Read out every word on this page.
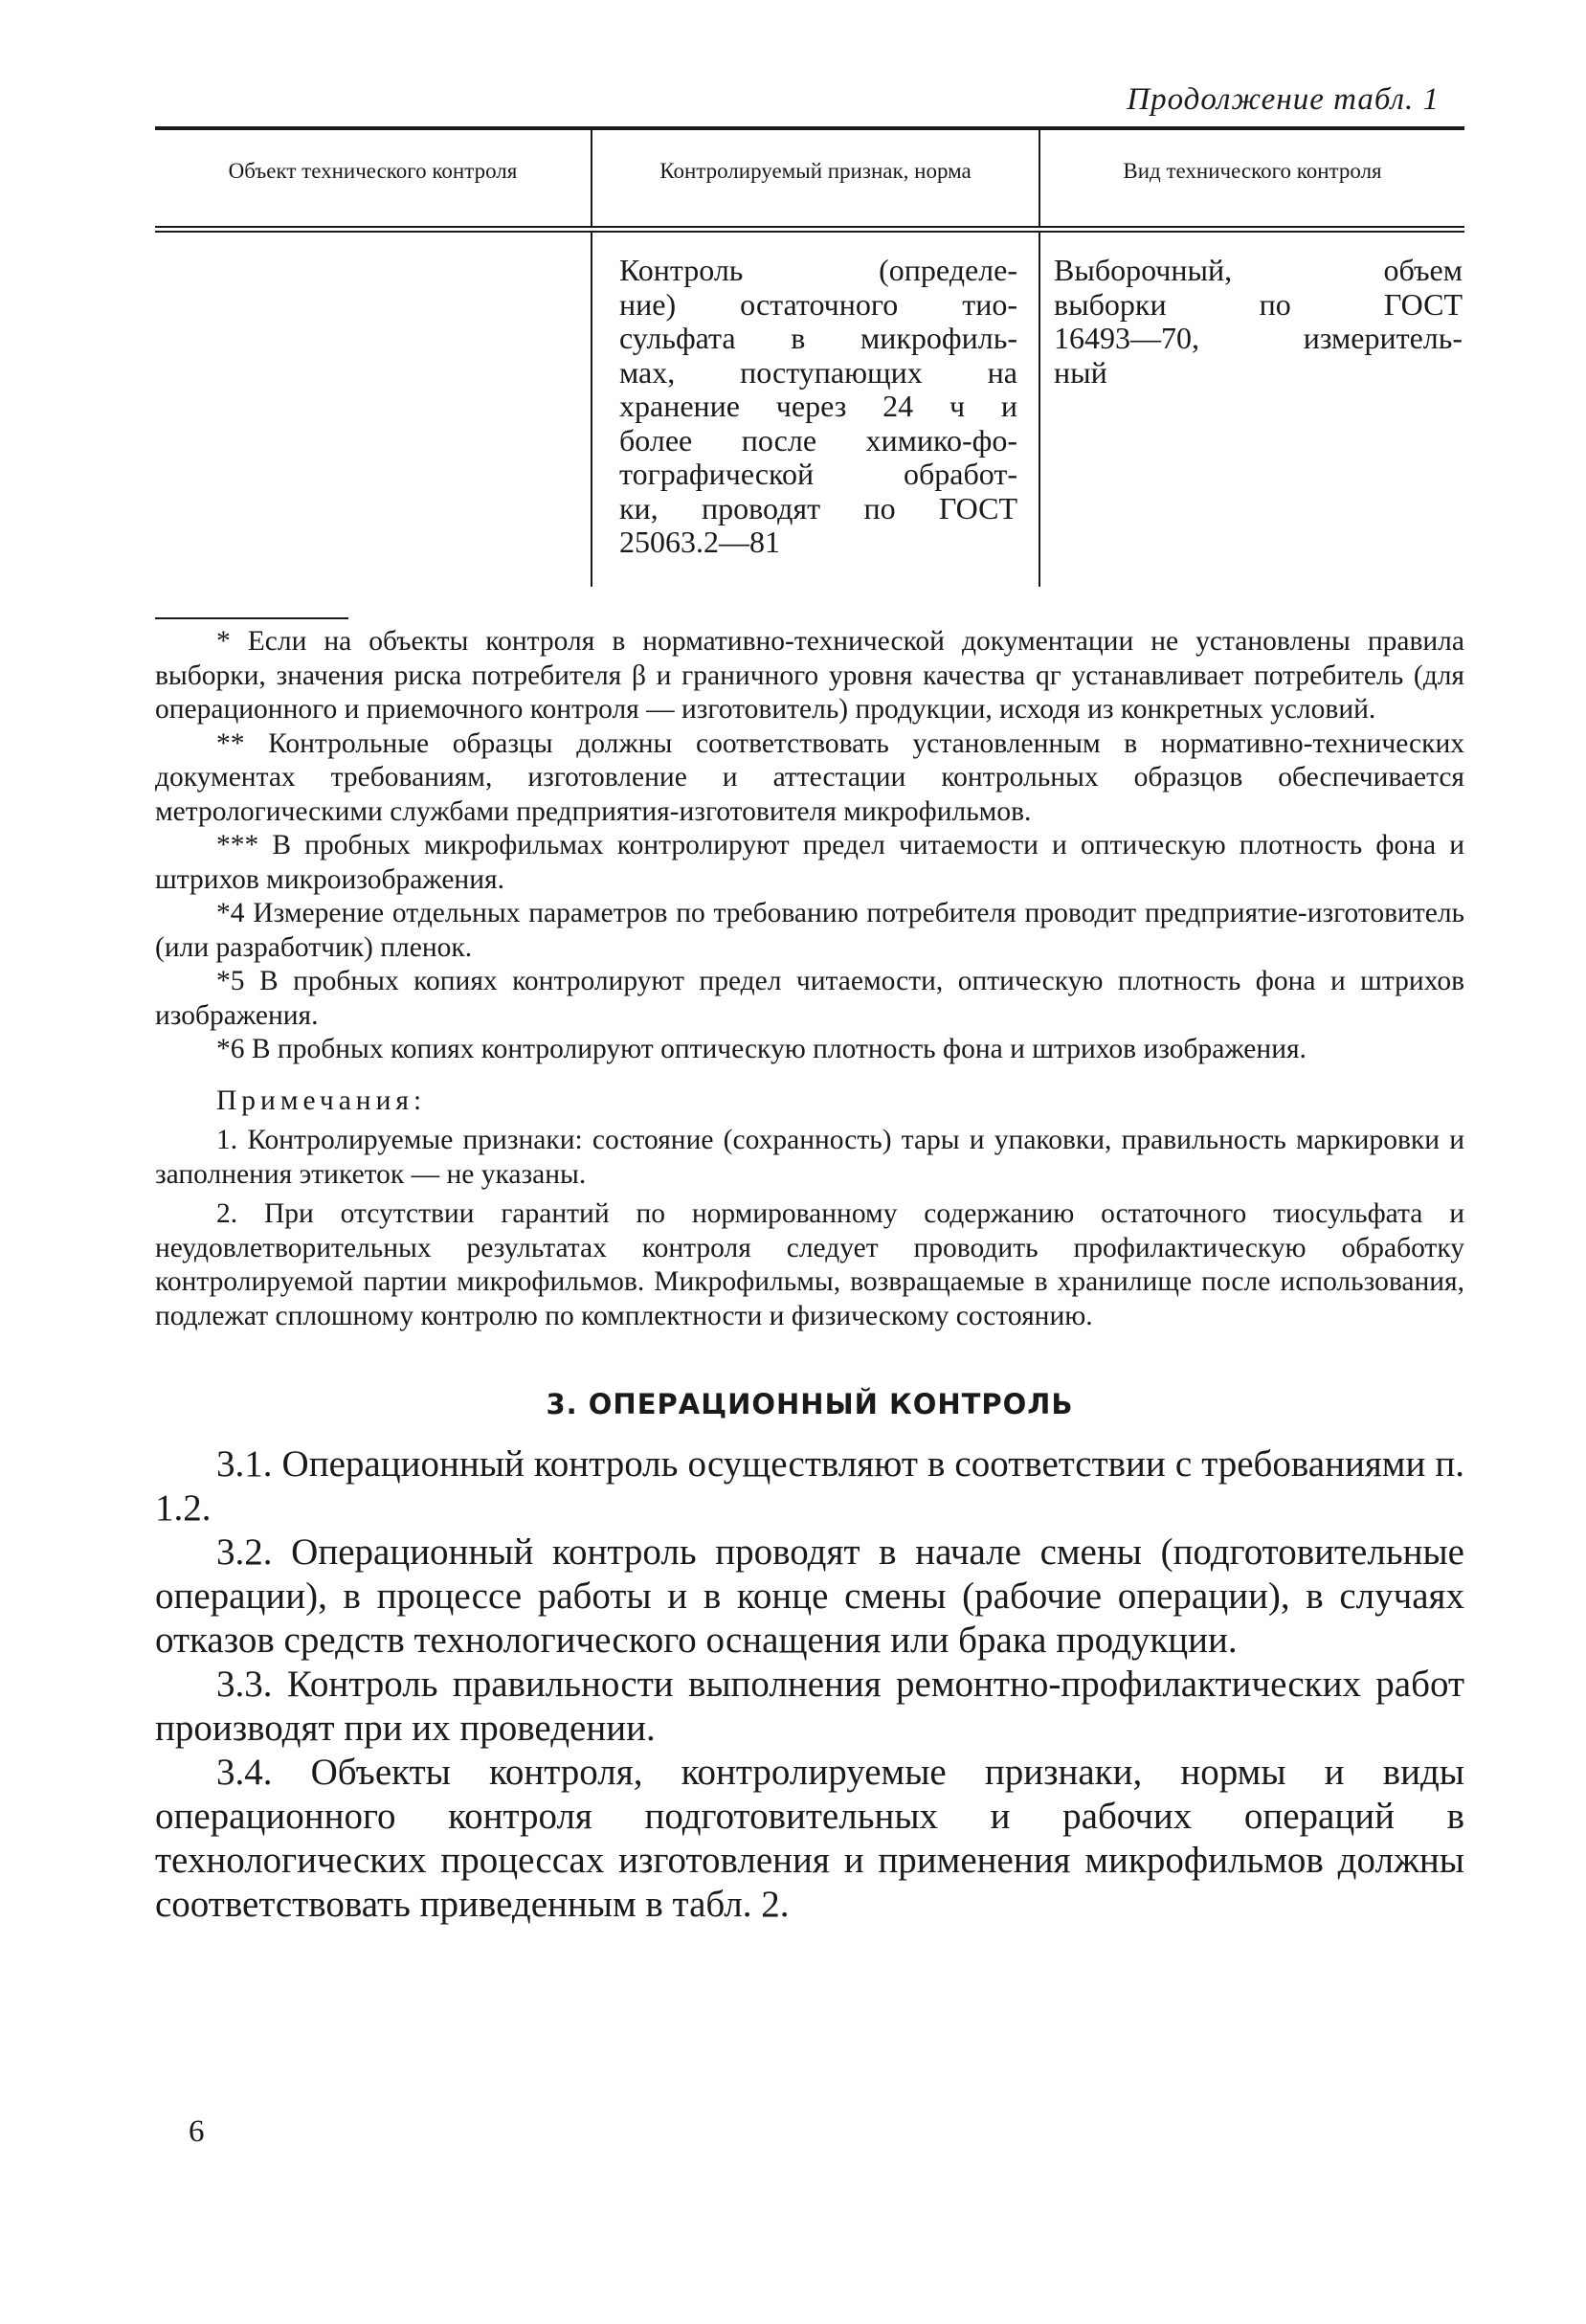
Продолжение табл. 1
Объект технического контроля	Контролируемый признак, норма	Вид технического контроля
Контроль (определе-
ние) остаточного тио-
сульфата в микрофиль-
мах, поступающих на
хранение через 24 ч и
более после химико-фо-
тографической обработ-
ки, проводят по ГОСТ
25063.2—81
Выборочный, объем
выборки по ГОСТ
16493—70, измеритель-
ный

* Если на объекты контроля в нормативно-технической документации не установлены правила выборки, значения риска потребителя β и граничного уровня качества qг устанавливает потребитель (для операционного и приемочного контроля — изготовитель) продукции, исходя из конкретных условий.

** Контрольные образцы должны соответствовать установленным в нормативно-технических документах требованиям, изготовление и аттестации контрольных образцов обеспечивается метрологическими службами предприятия-изготовителя микрофильмов.

*** В пробных микрофильмах контролируют предел читаемости и оптическую плотность фона и штрихов микроизображения.

*4 Измерение отдельных параметров по требованию потребителя проводит предприятие-изготовитель (или разработчик) пленок.

*5 В пробных копиях контролируют предел читаемости, оптическую плотность фона и штрихов изображения.

*6 В пробных копиях контролируют оптическую плотность фона и штрихов изображения.

Примечания:

1. Контролируемые признаки: состояние (сохранность) тары и упаковки, правильность маркировки и заполнения этикеток — не указаны.

2. При отсутствии гарантий по нормированному содержанию остаточного тиосульфата и неудовлетворительных результатах контроля следует проводить профилактическую обработку контролируемой партии микрофильмов. Микрофильмы, возвращаемые в хранилище после использования, подлежат сплошному контролю по комплектности и физическому состоянию.

3. ОПЕРАЦИОННЫЙ КОНТРОЛЬ

3.1. Операционный контроль осуществляют в соответствии с требованиями п. 1.2.

3.2. Операционный контроль проводят в начале смены (подготовительные операции), в процессе работы и в конце смены (рабочие операции), в случаях отказов средств технологического оснащения или брака продукции.

3.3. Контроль правильности выполнения ремонтно-профилактических работ производят при их проведении.

3.4. Объекты контроля, контролируемые признаки, нормы и виды операционного контроля подготовительных и рабочих операций в технологических процессах изготовления и применения микрофильмов должны соответствовать приведенным в табл. 2.

6
